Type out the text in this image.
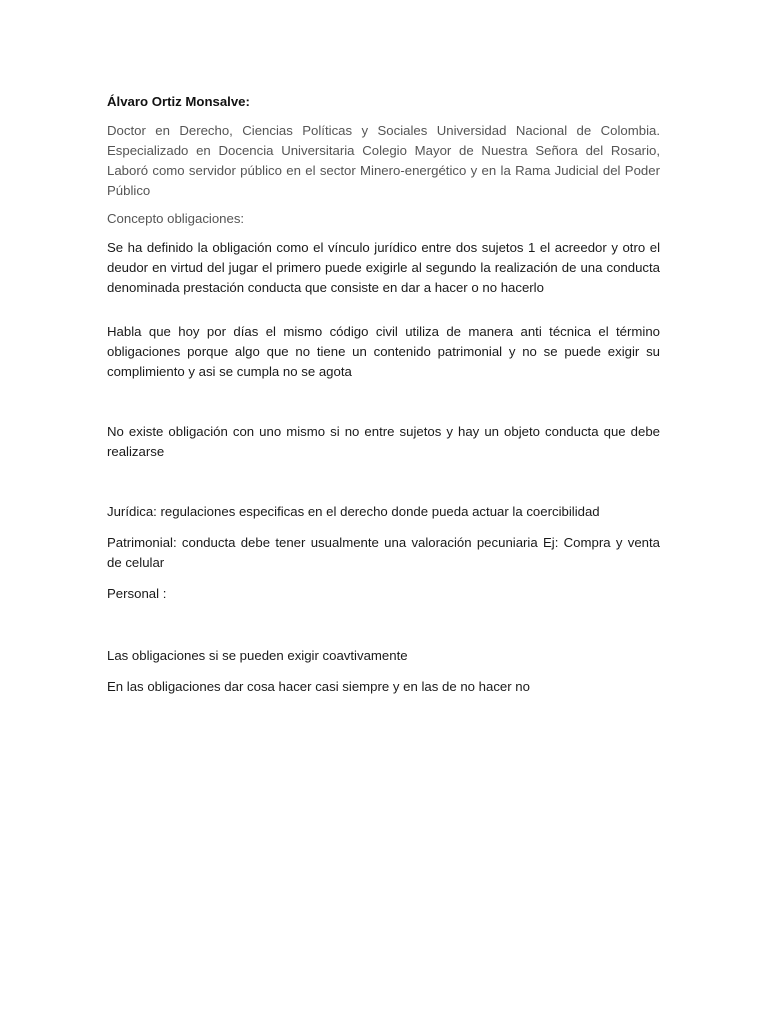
Álvaro Ortiz Monsalve:

Doctor en Derecho, Ciencias Políticas y Sociales Universidad Nacional de Colombia. Especializado en Docencia Universitaria Colegio Mayor de Nuestra Señora del Rosario, Laboró como servidor público en el sector Minero-energético y en la Rama Judicial del Poder Público

Concepto obligaciones:

Se ha definido la obligación como el vínculo jurídico entre dos sujetos 1 el acreedor y otro el deudor en virtud del jugar el primero puede exigirle al segundo la realización de una conducta denominada prestación conducta que consiste en dar a hacer o no hacerlo

Habla que hoy por días el mismo código civil utiliza de manera anti técnica el término obligaciones porque algo que no tiene un contenido patrimonial y no se puede exigir su complimiento y asi se cumpla no se agota

No existe obligación con uno mismo si no entre sujetos y hay un objeto conducta que debe realizarse

Jurídica: regulaciones especificas en el derecho donde pueda actuar la coercibilidad

Patrimonial: conducta debe tener usualmente una valoración pecuniaria Ej: Compra y venta de celular

Personal :

Las obligaciones si se pueden exigir coavtivamente

En las obligaciones dar cosa hacer casi siempre y en las de no hacer no
